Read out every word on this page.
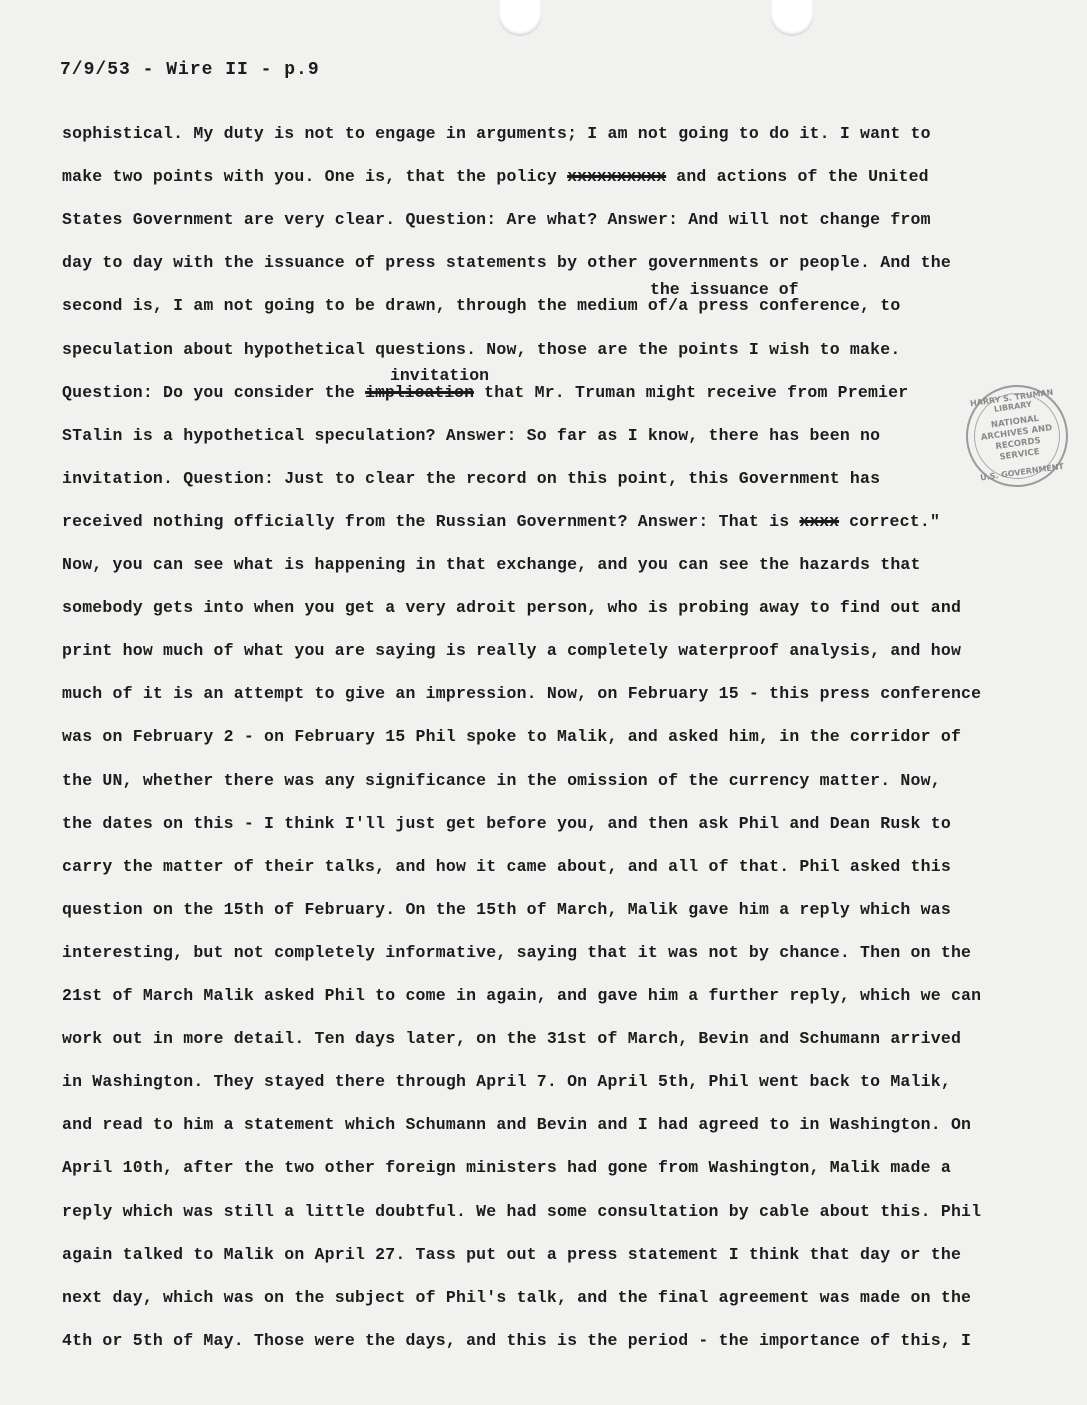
7/9/53 - Wire II - p.9
sophistical. My duty is not to engage in arguments; I am not going to do it. I want to
make two points with you. One is, that the policy xxxxxxxxxx and actions of the United
States Government are very clear. Question: Are what? Answer: And will not change from
day to day with the issuance of press statements by other governments or people. And the
second is, I am not going to be drawn, through the medium of/a press conference, to
speculation about hypothetical questions. Now, those are the points I wish to make.
Question: Do you consider the implication that Mr. Truman might receive from Premier
STalin is a hypothetical speculation? Answer: So far as I know, there has been no
invitation. Question: Just to clear the record on this point, this Government has
received nothing officially from the Russian Government? Answer: That is xxxx correct."
Now, you can see what is happening in that exchange, and you can see the hazards that
somebody gets into when you get a very adroit person, who is probing away to find out and
print how much of what you are saying is really a completely waterproof analysis, and how
much of it is an attempt to give an impression. Now, on February 15 - this press conference
was on February 2 - on February 15 Phil spoke to Malik, and asked him, in the corridor of
the UN, whether there was any significance in the omission of the currency matter. Now,
the dates on this - I think I'll just get before you, and then ask Phil and Dean Rusk to
carry the matter of their talks, and how it came about, and all of that. Phil asked this
question on the 15th of February. On the 15th of March, Malik gave him a reply which was
interesting, but not completely informative, saying that it was not by chance. Then on the
21st of March Malik asked Phil to come in again, and gave him a further reply, which we can
work out in more detail. Ten days later, on the 31st of March, Bevin and Schumann arrived
in Washington. They stayed there through April 7. On April 5th, Phil went back to Malik,
and read to him a statement which Schumann and Bevin and I had agreed to in Washington. On
April 10th, after the two other foreign ministers had gone from Washington, Malik made a
reply which was still a little doubtful. We had some consultation by cable about this. Phil
again talked to Malik on April 27. Tass put out a press statement I think that day or the
next day, which was on the subject of Phil's talk, and the final agreement was made on the
4th or 5th of May. Those were the days, and this is the period - the importance of this, I
the issuance of
invitation
HARRY S. TRUMAN LIBRARY
NATIONAL
ARCHIVES AND
RECORDS
SERVICE
U.S. GOVERNMENT
